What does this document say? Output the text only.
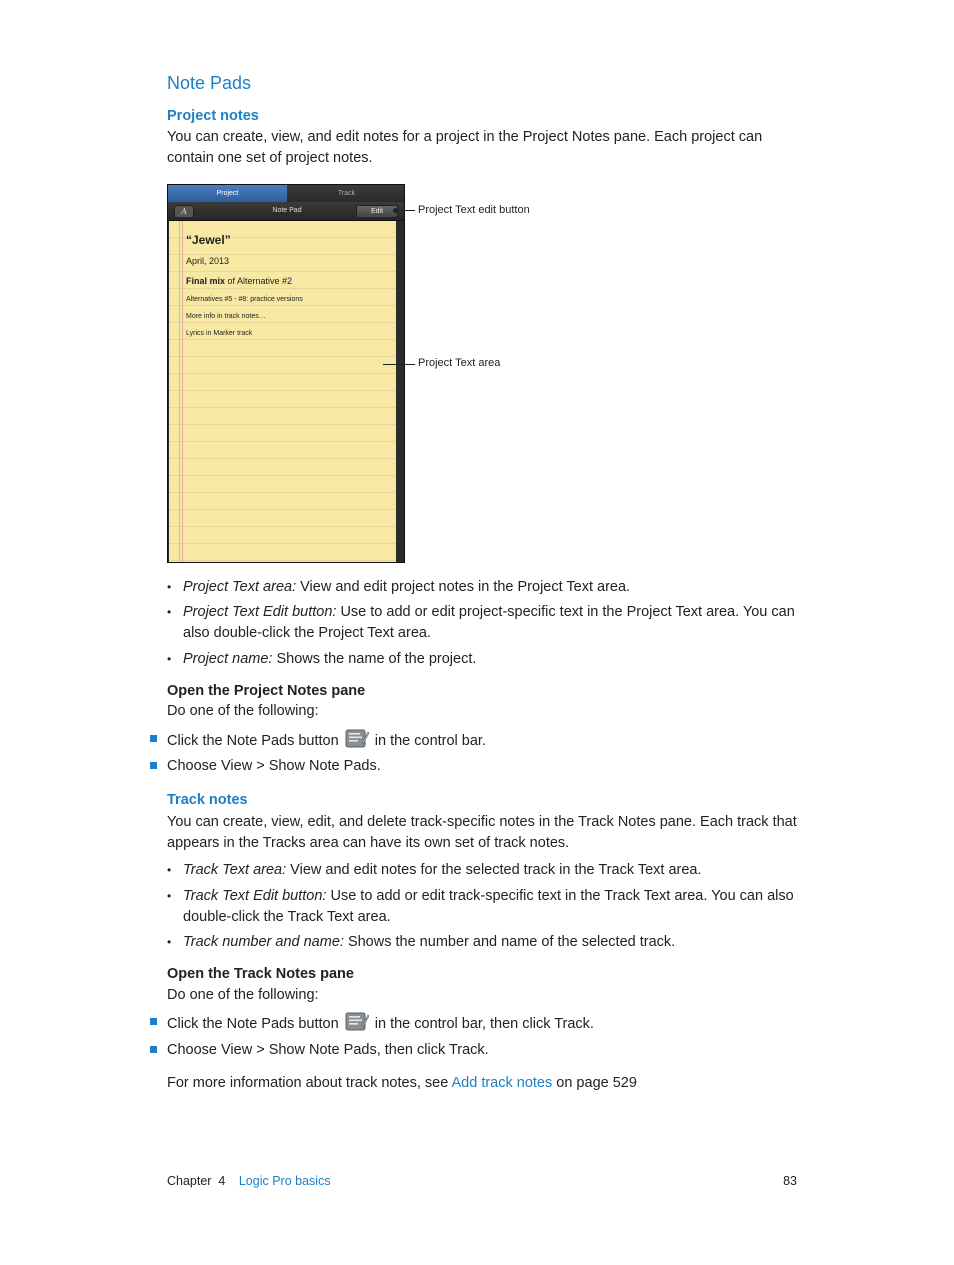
Note Pads
Project notes
You can create, view, and edit notes for a project in the Project Notes pane. Each project can contain one set of project notes.
Project	Track
A	Note Pad	Edit
“Jewel”
April, 2013
Final mix of Alternative #2
Alternatives #5 - #8: practice versions
More info in track notes…
Lyrics in Marker track
Project Text edit button
Project Text area
• Project Text area: View and edit project notes in the Project Text area.
• Project Text Edit button: Use to add or edit project-specific text in the Project Text area. You can also double-click the Project Text area.
• Project name: Shows the name of the project.
Open the Project Notes pane
Do one of the following:
Click the Note Pads button in the control bar.
Choose View > Show Note Pads.
Track notes
You can create, view, edit, and delete track-specific notes in the Track Notes pane. Each track that appears in the Tracks area can have its own set of track notes.
• Track Text area: View and edit notes for the selected track in the Track Text area.
• Track Text Edit button: Use to add or edit track-specific text in the Track Text area. You can also double-click the Track Text area.
• Track number and name: Shows the number and name of the selected track.
Open the Track Notes pane
Do one of the following:
Click the Note Pads button in the control bar, then click Track.
Choose View > Show Note Pads, then click Track.
For more information about track notes, see Add track notes on page 529
Chapter  4 Logic Pro basics	83
